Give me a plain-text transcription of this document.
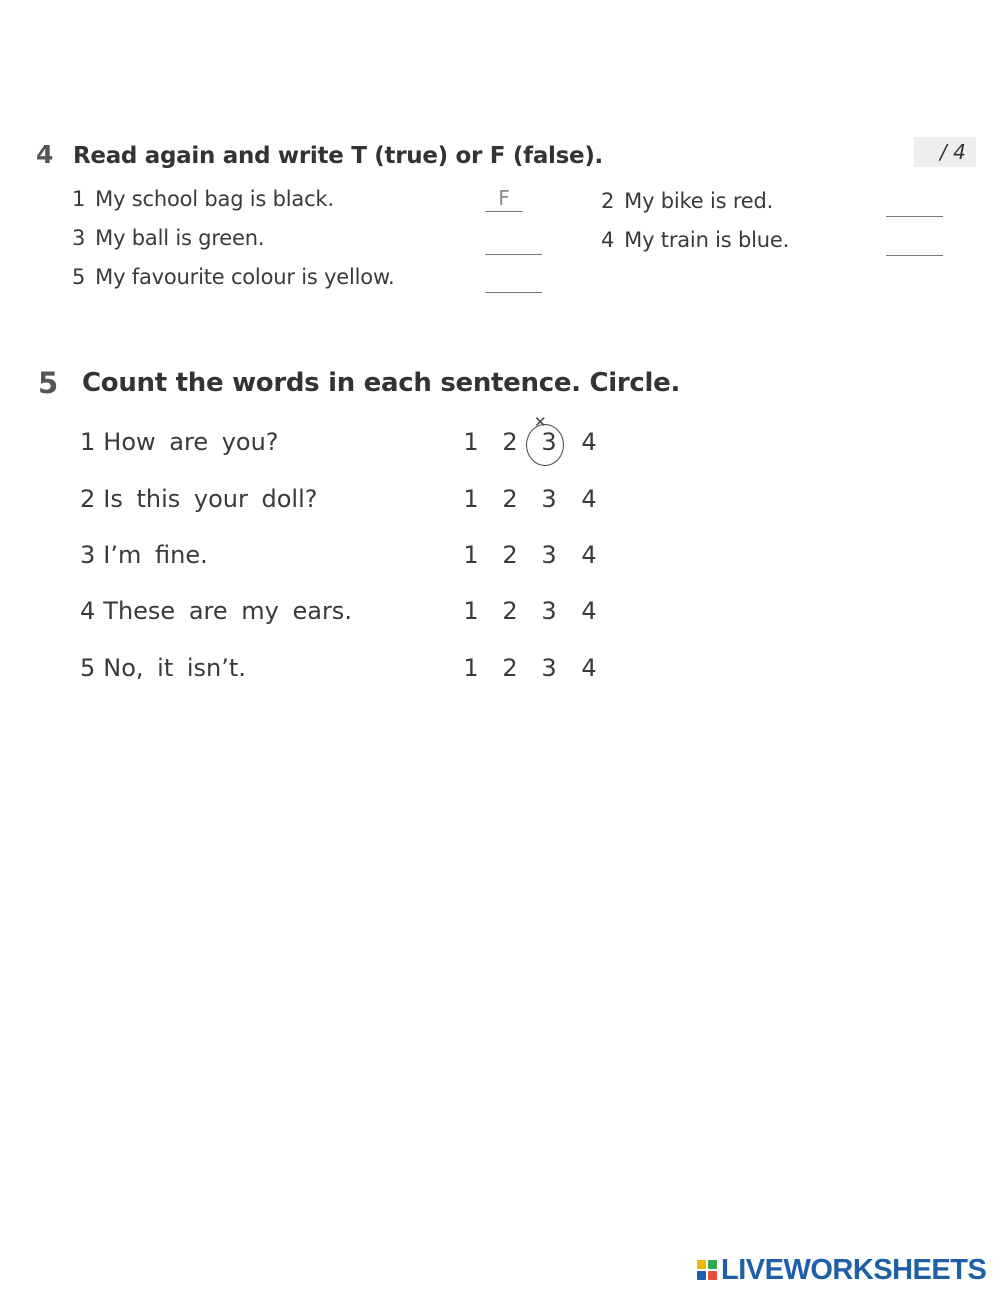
4 Read again and write T (true) or F (false).	/ 4
1 My school bag is black.	F	2 My bike is red.
3 My ball is green.	4 My train is blue.
5 My favourite colour is yellow.
5 Count the words in each sentence. Circle.
1 How are you?	1 2 3 4
✕
2 Is this your doll?	1 2 3 4
3 I’m fine.	1 2 3 4
4 These are my ears.	1 2 3 4
5 No, it isn’t.	1 2 3 4
LIVEWORKSHEETS
